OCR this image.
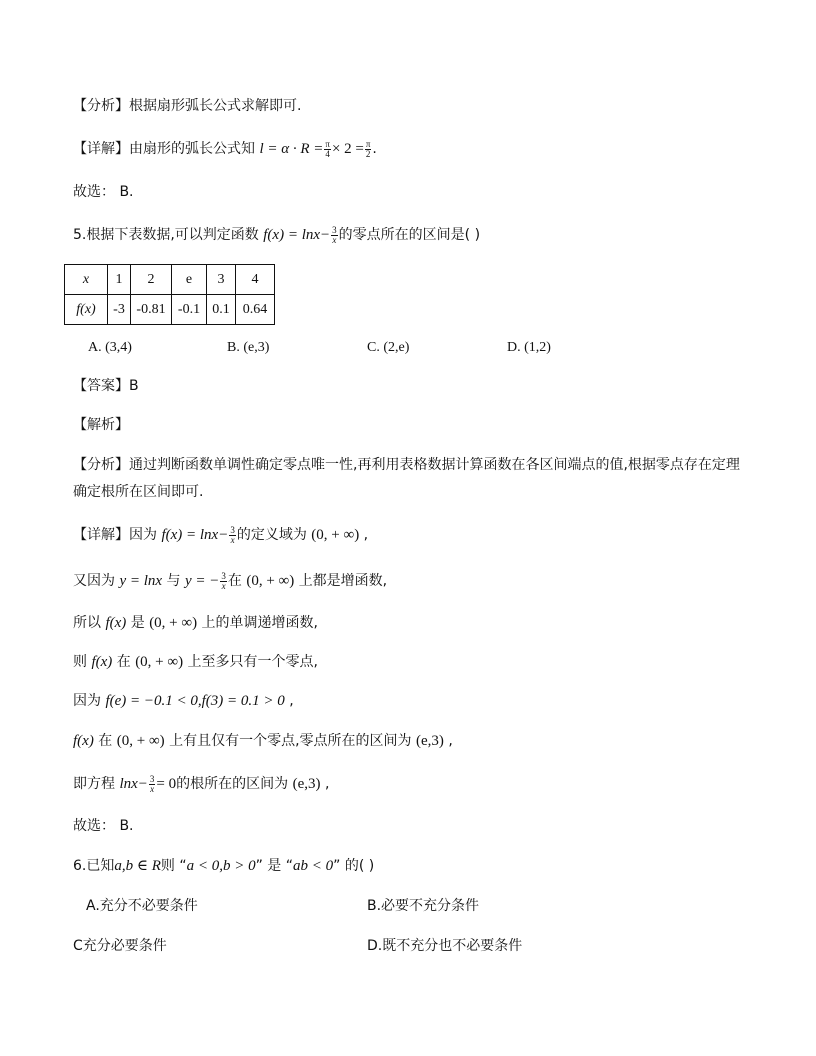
【分析】根据扇形弧长公式求解即可.
【详解】由扇形的弧长公式知 $l = \alpha \cdot R = \frac{\pi}{4} \times 2 = \frac{\pi}{2}$ .
故选： B.
5.根据下表数据,可以判定函数 $f(x) = \ln x- \frac{3}{x}$ 的零点所在的区间是( )
x	1	2	e	3	4
f(x)	-3	-0.81	-0.1	0.1	0.64
A. (3,4)	B. (e,3)	C. (2,e)	D. (1,2)
【答案】B
【解析】
【分析】通过判断函数单调性确定零点唯一性,再利用表格数据计算函数在各区间端点的值,根据零点存在定理
确定根所在区间即可.
【详解】因为 $f(x) = \ln x- \frac{3}{x}$ 的定义域为 (0, + ∞) ,
又因为 y = lnx 与 y = − $\frac{3}{x}$ 在 (0, + ∞) 上都是增函数,
所以 f(x) 是 (0, + ∞) 上的单调递增函数,
则 f(x) 在 (0, + ∞) 上至多只有一个零点,
因为 f(e) = −0.1 < 0,f(3) = 0.1 > 0 ,
f(x) 在 (0, + ∞) 上有且仅有一个零点,零点所在的区间为 (e,3) ,
即方程 $\ln x- \frac{3}{x} = 0$的根所在的区间为 (e,3) ,
故选： B.
6.已知a,b ∈ R则 “a < 0,b > 0” 是 “ab < 0” 的( )
A.充分不必要条件	B.必要不充分条件
C充分必要条件	D.既不充分也不必要条件
